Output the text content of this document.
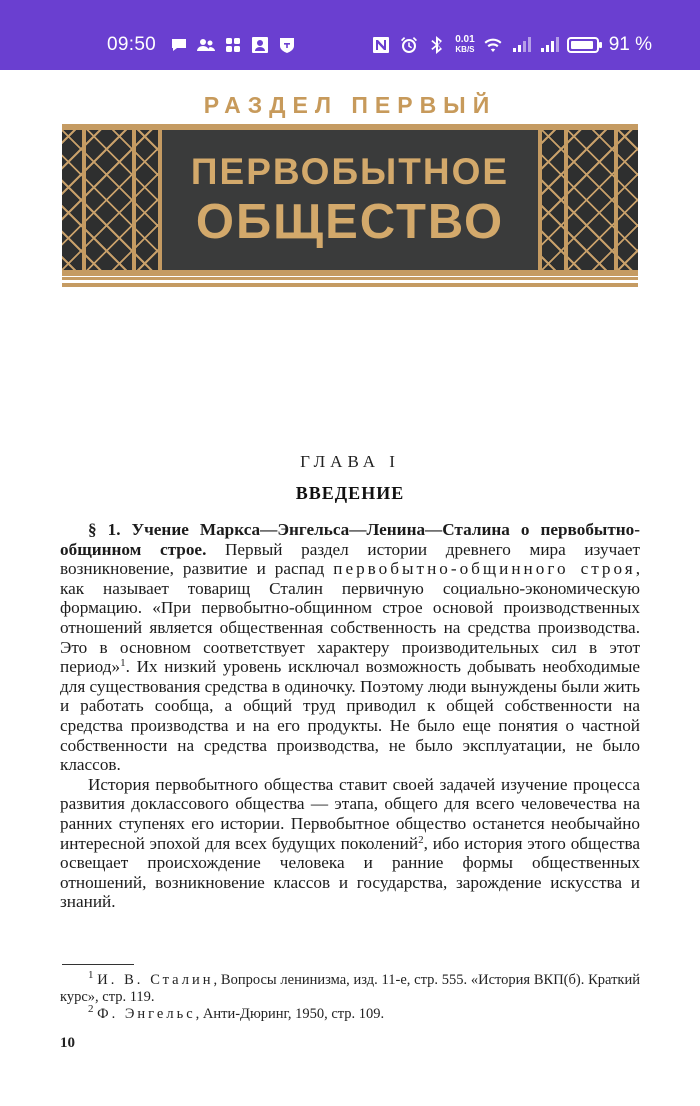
09:50	0.01
KB/S	91 %
РАЗДЕЛ ПЕРВЫЙ
ПЕРВОБЫТНОЕ
ОБЩЕСТВО
ГЛАВА I
ВВЕДЕНИЕ

§ 1. Учение Маркса—Энгельса—Ленина—Сталина о первобытно-общинном строе. Первый раздел истории древнего мира изучает возникновение, развитие и распад первобытно-общинного строя, как называет товарищ Сталин первичную социально-экономическую формацию. «При первобытно-общинном строе основой производственных отношений является общественная собственность на средства производства. Это в основном соответствует характеру производительных сил в этот период»$^1$. Их низкий уровень исключал возможность добывать необходимые для существования средства в одиночку. Поэтому люди вынуждены были жить и работать сообща, а общий труд приводил к общей собственности на средства производства и на его продукты. Не было еще понятия о частной собственности на средства производства, не было эксплуатации, не было классов.

История первобытного общества ставит своей задачей изучение процесса развития доклассового общества — этапа, общего для всего человечества на ранних ступенях его истории. Первобытное общество останется необычайно интересной эпохой для всех будущих поколений$^2$, ибо история этого общества освещает происхождение человека и ранние формы общественных отношений, возникновение классов и государства, зарождение искусства и знаний.

$^1$ И. В. Сталин, Вопросы ленинизма, изд. 11-е, стр. 555. «История ВКП(б). Краткий курс», стр. 119.

$^2$ Ф. Энгельс, Анти-Дюринг, 1950, стр. 109.

10
